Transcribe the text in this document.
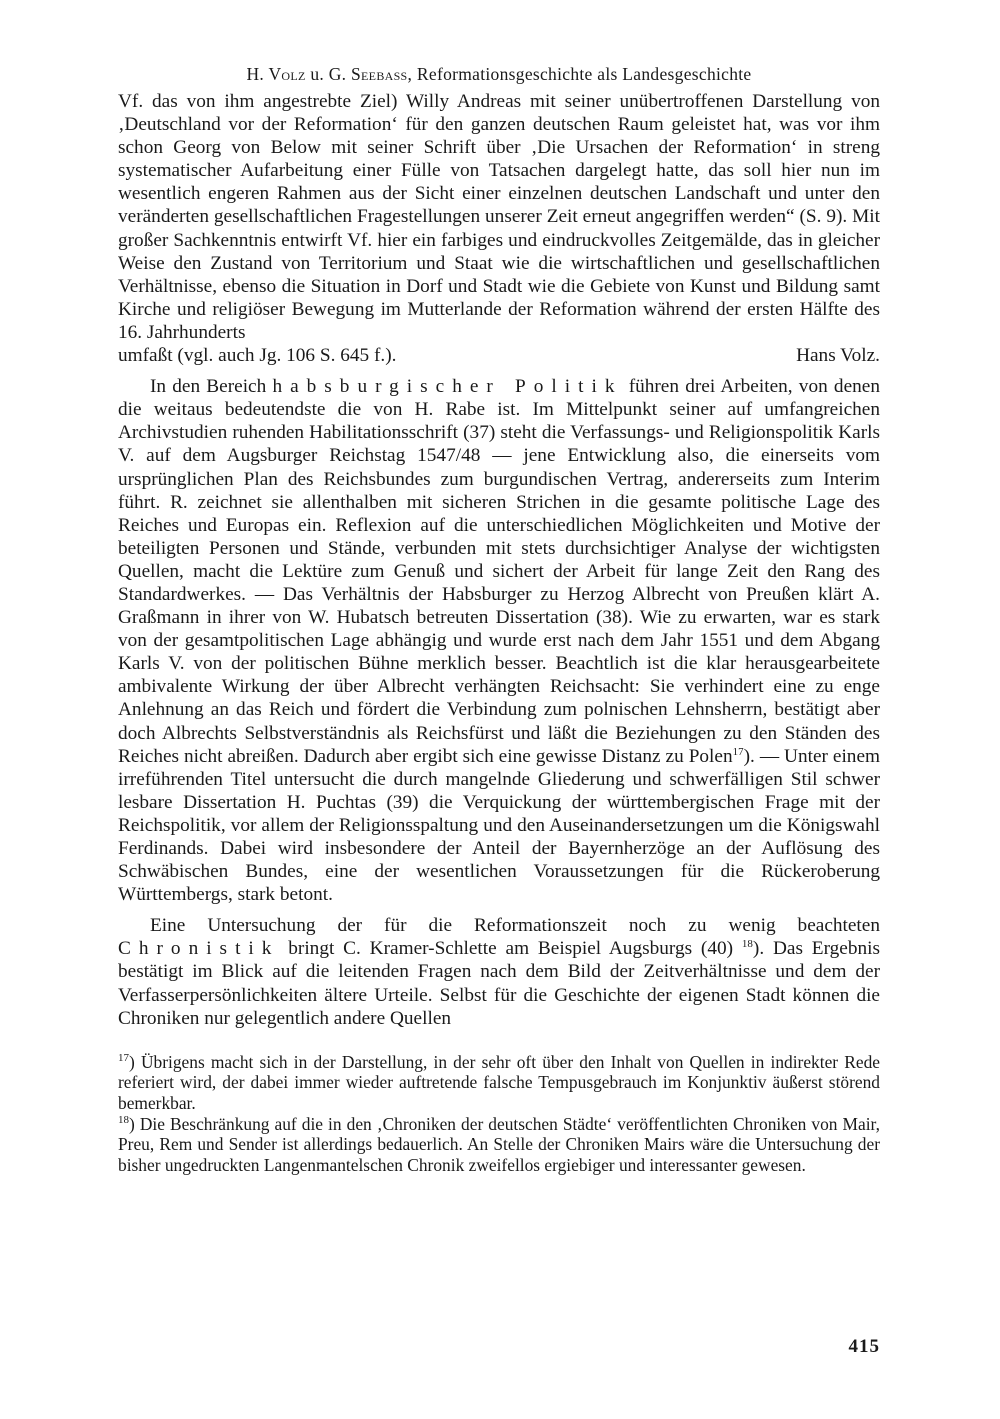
H. Volz u. G. Seebass, Reformationsgeschichte als Landesgeschichte

Vf. das von ihm angestrebte Ziel) Willy Andreas mit seiner unübertroffenen Darstellung von ‚Deutschland vor der Reformation‘ für den ganzen deutschen Raum geleistet hat, was vor ihm schon Georg von Below mit seiner Schrift über ‚Die Ursachen der Reformation‘ in streng systematischer Aufarbeitung einer Fülle von Tatsachen dargelegt hatte, das soll hier nun im wesentlich engeren Rahmen aus der Sicht einer einzelnen deutschen Landschaft und unter den veränderten gesellschaftlichen Fragestellungen unserer Zeit erneut angegriffen werden“ (S. 9). Mit großer Sachkenntnis entwirft Vf. hier ein farbiges und eindruckvolles Zeitgemälde, das in gleicher Weise den Zustand von Territorium und Staat wie die wirtschaftlichen und gesellschaftlichen Verhältnisse, ebenso die Situation in Dorf und Stadt wie die Gebiete von Kunst und Bildung samt Kirche und religiöser Bewegung im Mutterlande der Reformation während der ersten Hälfte des 16. Jahrhunderts

umfaßt (vgl. auch Jg. 106 S. 645 f.).	Hans Volz.

In den Bereich habsburgischer Politik führen drei Arbeiten, von denen die weitaus bedeutendste die von H. Rabe ist. Im Mittelpunkt seiner auf umfangreichen Archivstudien ruhenden Habilitationsschrift (37) steht die Verfassungs- und Religionspolitik Karls V. auf dem Augsburger Reichstag 1547/48 — jene Entwicklung also, die einerseits vom ursprünglichen Plan des Reichsbundes zum burgundischen Vertrag, andererseits zum Interim führt. R. zeichnet sie allenthalben mit sicheren Strichen in die gesamte politische Lage des Reiches und Europas ein. Reflexion auf die unterschiedlichen Möglichkeiten und Motive der beteiligten Personen und Stände, verbunden mit stets durchsichtiger Analyse der wichtigsten Quellen, macht die Lektüre zum Genuß und sichert der Arbeit für lange Zeit den Rang des Standardwerkes. — Das Verhältnis der Habsburger zu Herzog Albrecht von Preußen klärt A. Graßmann in ihrer von W. Hubatsch betreuten Dissertation (38). Wie zu erwarten, war es stark von der gesamtpolitischen Lage abhängig und wurde erst nach dem Jahr 1551 und dem Abgang Karls V. von der politischen Bühne merklich besser. Beachtlich ist die klar herausgearbeitete ambivalente Wirkung der über Albrecht verhängten Reichsacht: Sie verhindert eine zu enge Anlehnung an das Reich und fördert die Verbindung zum polnischen Lehnsherrn, bestätigt aber doch Albrechts Selbstverständnis als Reichsfürst und läßt die Beziehungen zu den Ständen des Reiches nicht abreißen. Dadurch aber ergibt sich eine gewisse Distanz zu Polen$^{17}$). — Unter einem irreführenden Titel untersucht die durch mangelnde Gliederung und schwerfälligen Stil schwer lesbare Dissertation H. Puchtas (39) die Verquickung der württembergischen Frage mit der Reichspolitik, vor allem der Religionsspaltung und den Auseinandersetzungen um die Königswahl Ferdinands. Dabei wird insbesondere der Anteil der Bayernherzöge an der Auflösung des Schwäbischen Bundes, eine der wesentlichen Voraussetzungen für die Rückeroberung Württembergs, stark betont.

Eine Untersuchung der für die Reformationszeit noch zu wenig beachteten Chronistik bringt C. Kramer-Schlette am Beispiel Augsburgs (40) $^{18}$). Das Ergebnis bestätigt im Blick auf die leitenden Fragen nach dem Bild der Zeitverhältnisse und dem der Verfasserpersönlichkeiten ältere Urteile. Selbst für die Geschichte der eigenen Stadt können die Chroniken nur gelegentlich andere Quellen

$^{17}$) Übrigens macht sich in der Darstellung, in der sehr oft über den Inhalt von Quellen in indirekter Rede referiert wird, der dabei immer wieder auftretende falsche Tempusgebrauch im Konjunktiv äußerst störend bemerkbar.

$^{18}$) Die Beschränkung auf die in den ‚Chroniken der deutschen Städte‘ veröffentlichten Chroniken von Mair, Preu, Rem und Sender ist allerdings bedauerlich. An Stelle der Chroniken Mairs wäre die Untersuchung der bisher ungedruckten Langenmantelschen Chronik zweifellos ergiebiger und interessanter gewesen.

415
